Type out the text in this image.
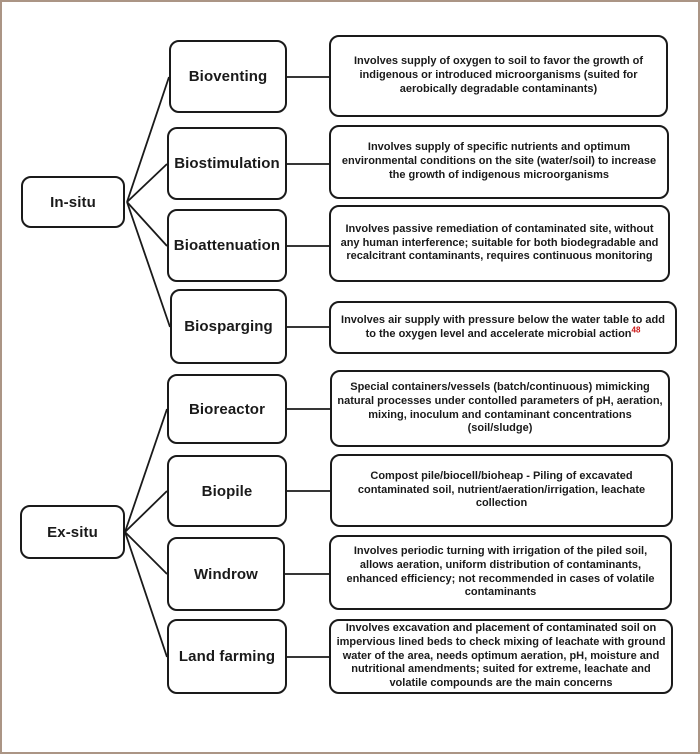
In-situ
Ex-situ
Bioventing
Involves supply of oxygen to soil to favor the growth of indigenous or introduced microorganisms (suited for aerobically degradable contaminants)
Biostimulation
Involves supply of specific nutrients and optimum environmental conditions on the site (water/soil) to increase the growth of indigenous microorganisms
Bioattenuation
Involves passive remediation of contaminated site, without any human interference; suitable for both biodegradable and recalcitrant contaminants, requires continuous monitoring
Biosparging	Involves air supply with pressure below the water table to add to the oxygen level and accelerate microbial action$^{48}$
Bioreactor
Special containers/vessels (batch/continuous) mimicking natural processes under contolled parameters of pH, aeration, mixing, inoculum and contaminant concentrations (soil/sludge)
Biopile
Compost pile/biocell/bioheap - Piling of excavated contaminated soil, nutrient/aeration/irrigation, leachate collection
Windrow
Involves periodic turning with irrigation of the piled soil, allows aeration, uniform distribution of contaminants, enhanced efficiency; not recommended in cases of volatile contaminants
Land farming
Involves excavation and placement of contaminated soil on impervious lined beds to check mixing of leachate with ground water of the area, needs optimum aeration, pH, moisture and nutritional amendments; suited for extreme, leachate and volatile compounds are the main concerns
